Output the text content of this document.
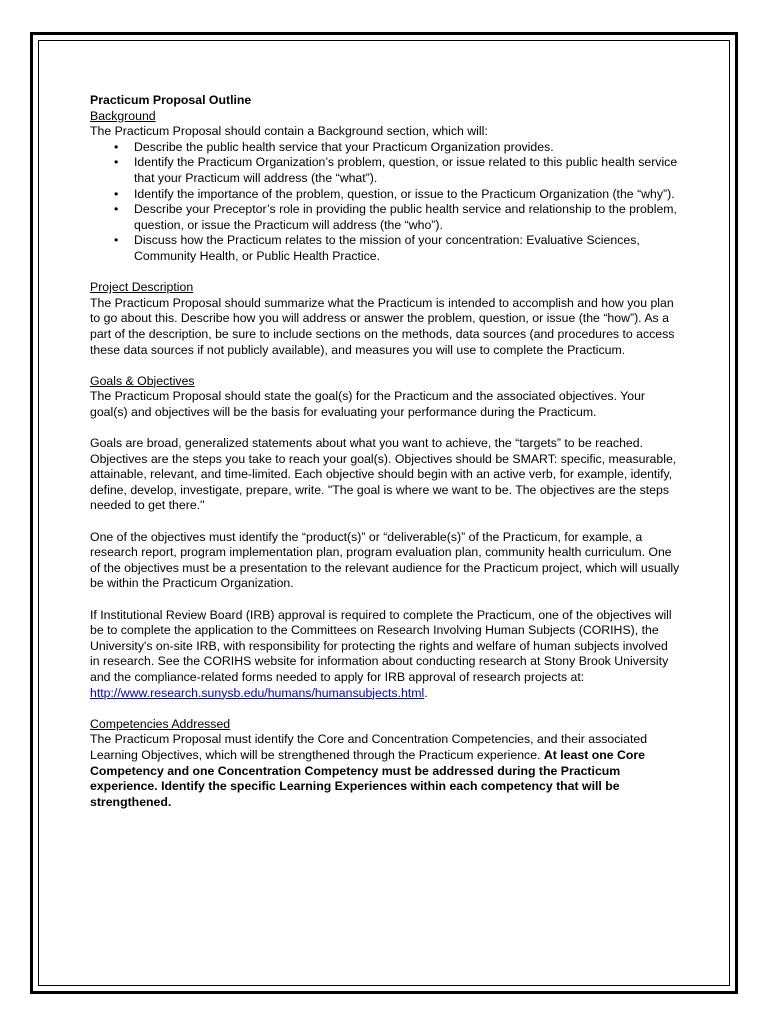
Practicum Proposal Outline

Background

The Practicum Proposal should contain a Background section, which will:

• Describe the public health service that your Practicum Organization provides.
• Identify the Practicum Organization’s problem, question, or issue related to this public health service that your Practicum will address (the “what”).
• Identify the importance of the problem, question, or issue to the Practicum Organization (the “why”).
• Describe your Preceptor’s role in providing the public health service and relationship to the problem, question, or issue the Practicum will address (the “who”).
• Discuss how the Practicum relates to the mission of your concentration: Evaluative Sciences, Community Health, or Public Health Practice.

Project Description

The Practicum Proposal should summarize what the Practicum is intended to accomplish and how you plan to go about this. Describe how you will address or answer the problem, question, or issue (the “how”). As a part of the description, be sure to include sections on the methods, data sources (and procedures to access these data sources if not publicly available), and measures you will use to complete the Practicum.

Goals & Objectives

The Practicum Proposal should state the goal(s) for the Practicum and the associated objectives. Your goal(s) and objectives will be the basis for evaluating your performance during the Practicum.

Goals are broad, generalized statements about what you want to achieve, the “targets” to be reached. Objectives are the steps you take to reach your goal(s). Objectives should be SMART: specific, measurable, attainable, relevant, and time-limited. Each objective should begin with an active verb, for example, identify, define, develop, investigate, prepare, write. "The goal is where we want to be. The objectives are the steps needed to get there."

One of the objectives must identify the “product(s)” or “deliverable(s)” of the Practicum, for example, a research report, program implementation plan, program evaluation plan, community health curriculum. One of the objectives must be a presentation to the relevant audience for the Practicum project, which will usually be within the Practicum Organization.

If Institutional Review Board (IRB) approval is required to complete the Practicum, one of the objectives will be to complete the application to the Committees on Research Involving Human Subjects (CORIHS), the University's on-site IRB, with responsibility for protecting the rights and welfare of human subjects involved in research. See the CORIHS website for information about conducting research at Stony Brook University and the compliance-related forms needed to apply for IRB approval of research projects at: http://www.research.sunysb.edu/humans/humansubjects.html.

Competencies Addressed

The Practicum Proposal must identify the Core and Concentration Competencies, and their associated Learning Objectives, which will be strengthened through the Practicum experience. At least one Core Competency and one Concentration Competency must be addressed during the Practicum experience. Identify the specific Learning Experiences within each competency that will be strengthened.
